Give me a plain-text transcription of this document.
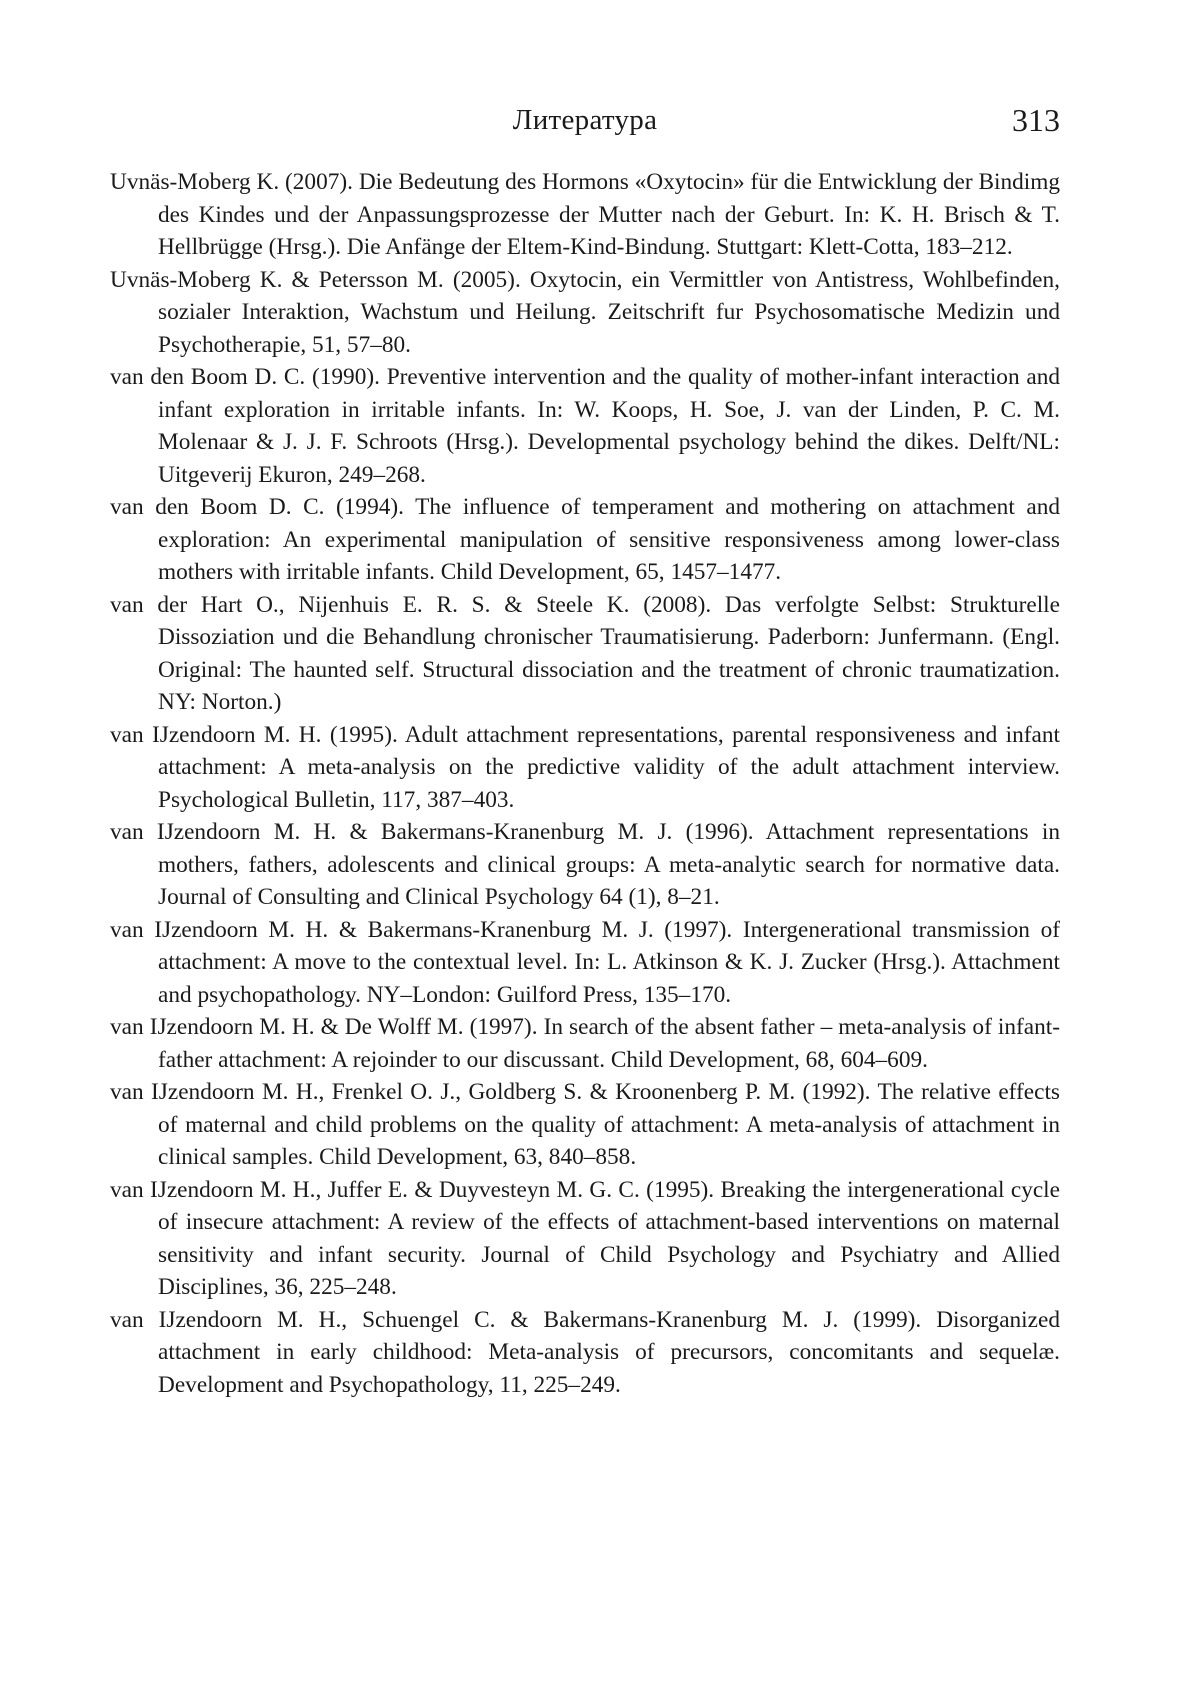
Литература	313
Uvnäs-Moberg K. (2007). Die Bedeutung des Hormons «Oxytocin» für die Entwicklung der Bindimg des Kindes und der Anpassungsprozesse der Mutter nach der Geburt. In: K. H. Brisch & T. Hellbrügge (Hrsg.). Die Anfänge der Eltem-Kind-Bindung. Stuttgart: Klett-Cotta, 183–212.
Uvnäs-Moberg K. & Petersson M. (2005). Oxytocin, ein Vermittler von Antistress, Wohlbefinden, sozialer Interaktion, Wachstum und Heilung. Zeitschrift fur Psychosomatische Medizin und Psychotherapie, 51, 57–80.
van den Boom D. C. (1990). Preventive intervention and the quality of mother-infant interaction and infant exploration in irritable infants. In: W. Koops, H. Soe, J. van der Linden, P. C. M. Molenaar & J. J. F. Schroots (Hrsg.). Developmental psychology behind the dikes. Delft/NL: Uitgeverij Ekuron, 249–268.
van den Boom D. C. (1994). The influence of temperament and mothering on attachment and exploration: An experimental manipulation of sensitive responsiveness among lower-class mothers with irritable infants. Child Development, 65, 1457–1477.
van der Hart O., Nijenhuis E. R. S. & Steele K. (2008). Das verfolgte Selbst: Strukturelle Dissoziation und die Behandlung chronischer Traumatisierung. Paderborn: Junfermann. (Engl. Original: The haunted self. Structural dissociation and the treatment of chronic traumatization. NY: Norton.)
van IJzendoorn M. H. (1995). Adult attachment representations, parental responsiveness and infant attachment: A meta-analysis on the predictive validity of the adult attachment interview. Psychological Bulletin, 117, 387–403.
van IJzendoorn M. H. & Bakermans-Kranenburg M. J. (1996). Attachment representations in mothers, fathers, adolescents and clinical groups: A meta-analytic search for normative data. Journal of Consulting and Clinical Psychology 64 (1), 8–21.
van IJzendoorn M. H. & Bakermans-Kranenburg M. J. (1997). Intergenerational transmission of attachment: A move to the contextual level. In: L. Atkinson & K. J. Zucker (Hrsg.). Attachment and psychopathology. NY–London: Guilford Press, 135–170.
van IJzendoorn M. H. & De Wolff M. (1997). In search of the absent father – meta-analysis of infant-father attachment: A rejoinder to our discussant. Child Development, 68, 604–609.
van IJzendoorn M. H., Frenkel O. J., Goldberg S. & Kroonenberg P. M. (1992). The relative effects of maternal and child problems on the quality of attachment: A meta-analysis of attachment in clinical samples. Child Development, 63, 840–858.
van IJzendoorn M. H., Juffer E. & Duyvesteyn M. G. C. (1995). Breaking the intergenerational cycle of insecure attachment: A review of the effects of attachment-based interventions on maternal sensitivity and infant security. Journal of Child Psychology and Psychiatry and Allied Disciplines, 36, 225–248.
van IJzendoorn M. H., Schuengel C. & Bakermans-Kranenburg M. J. (1999). Disorganized attachment in early childhood: Meta-analysis of precursors, concomitants and sequelæ. Development and Psychopathology, 11, 225–249.
